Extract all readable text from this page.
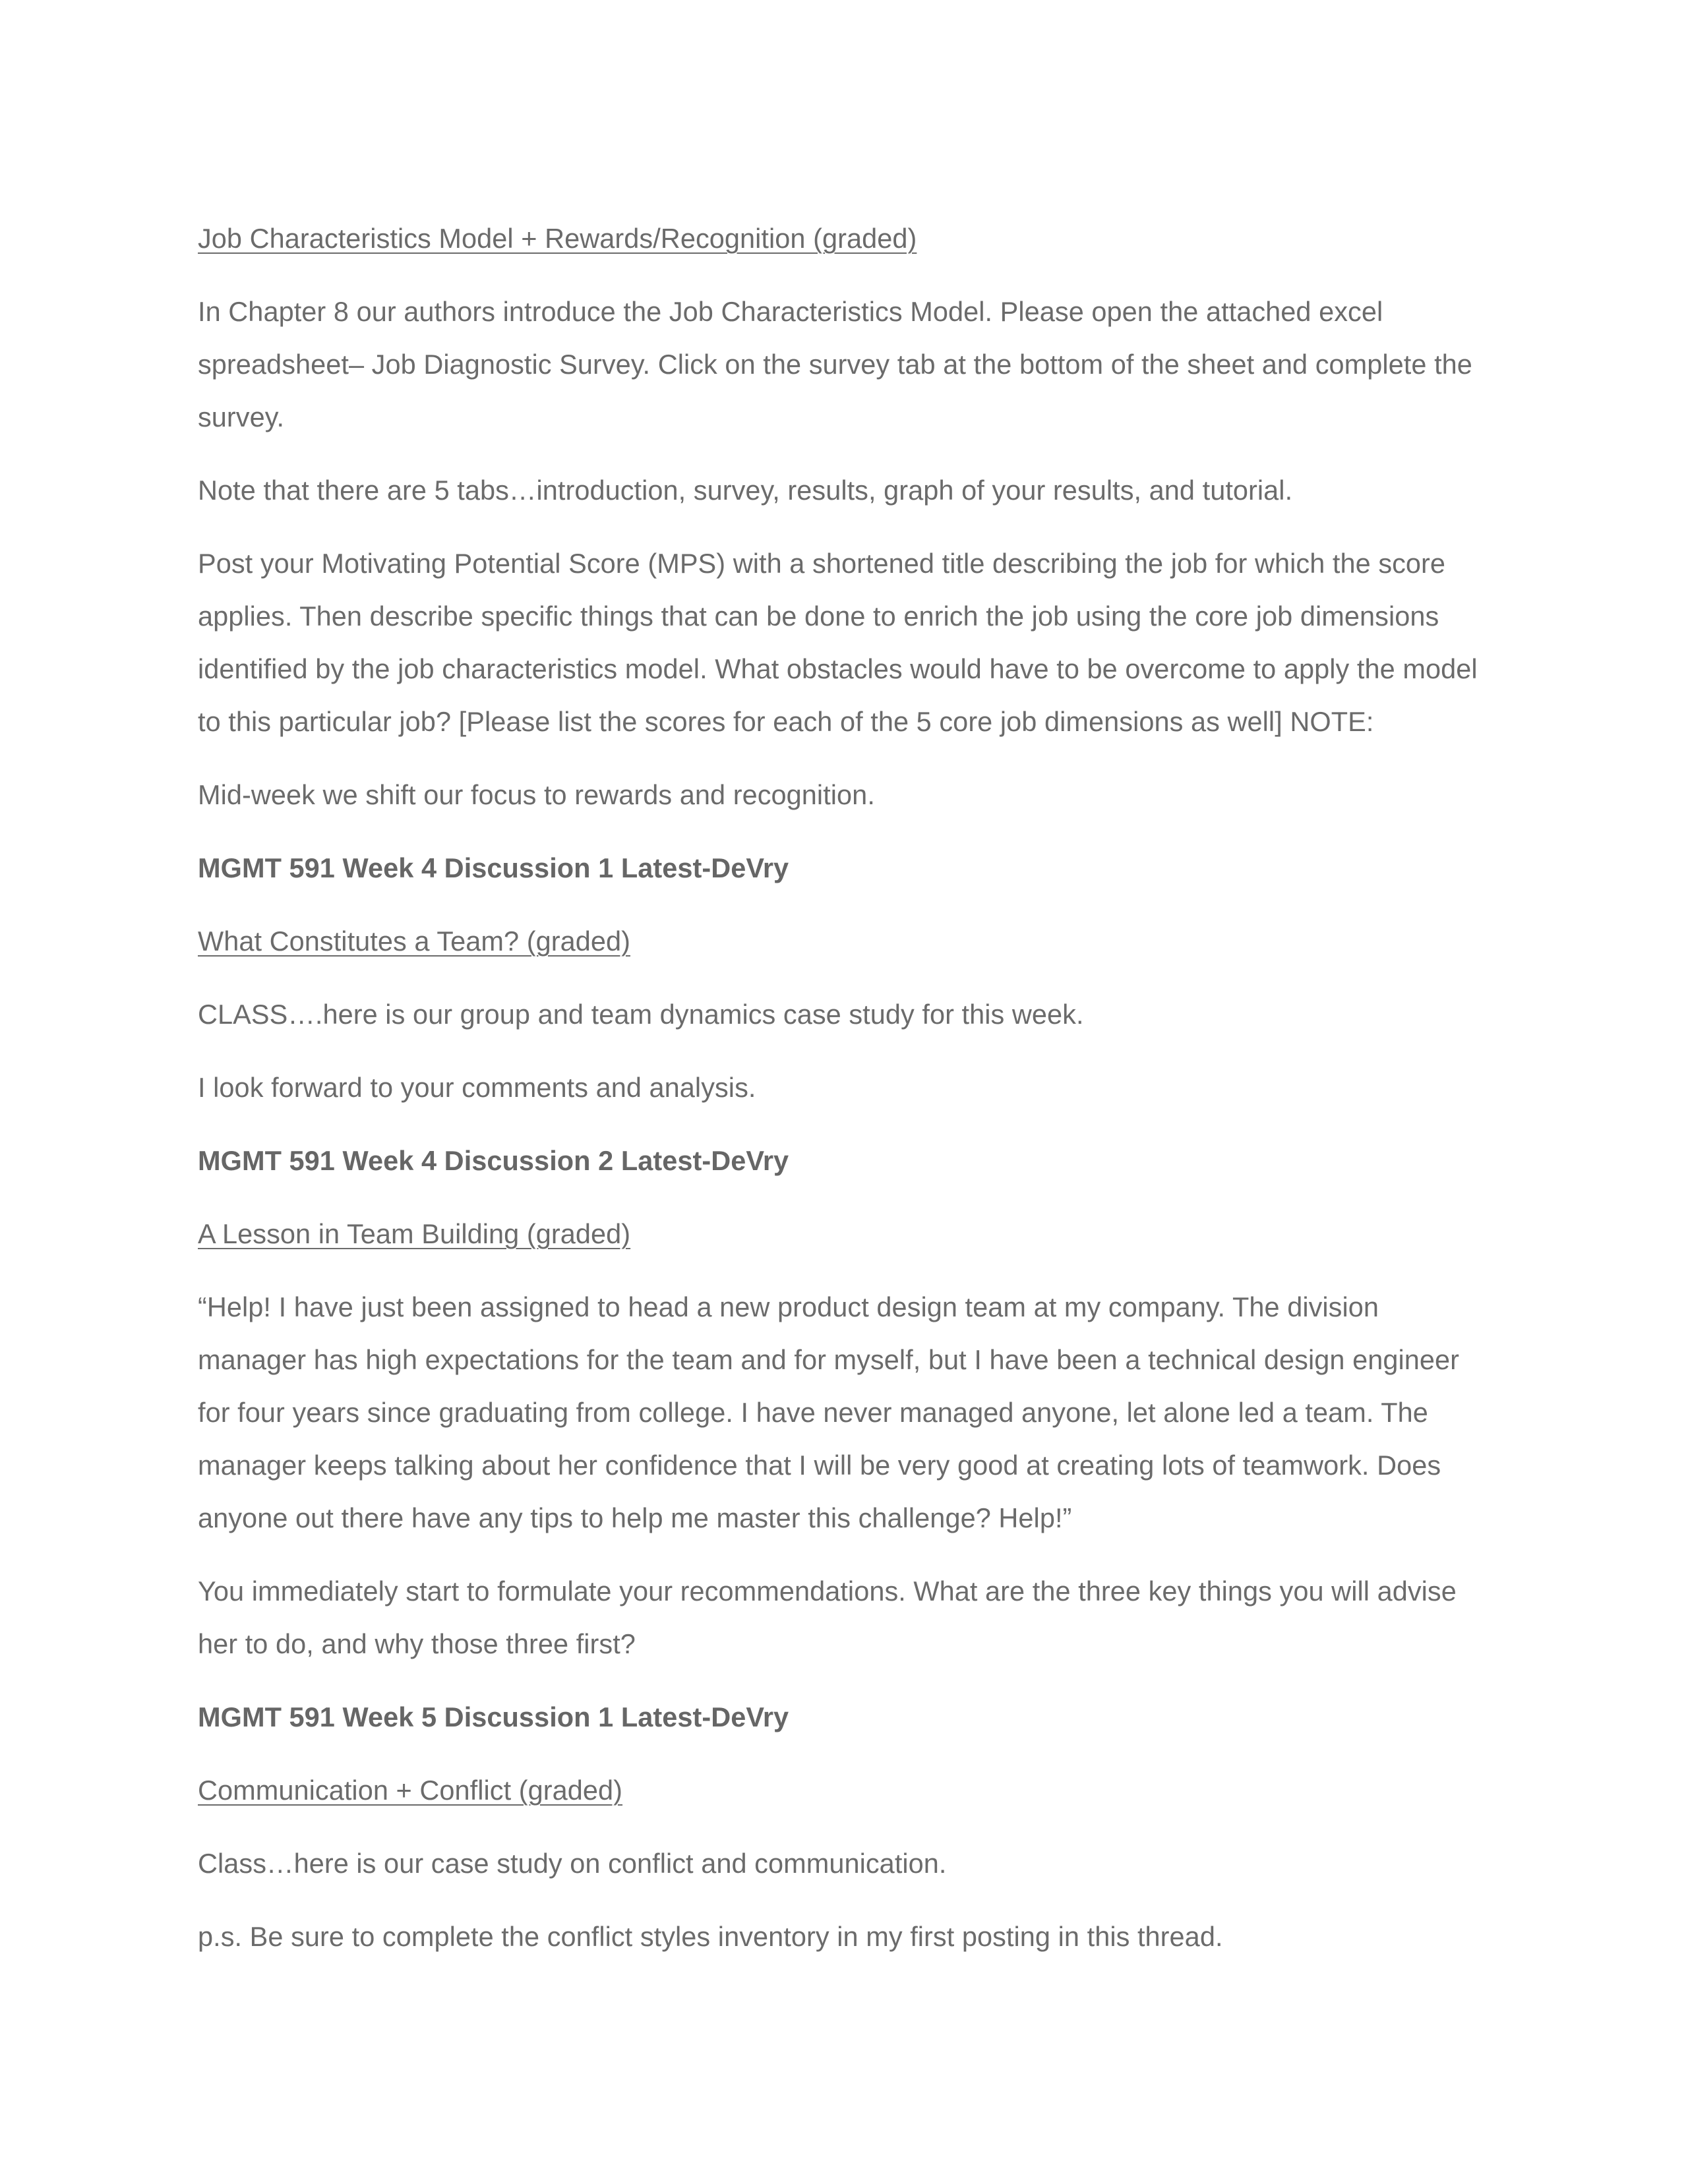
Job Characteristics Model + Rewards/Recognition (graded)

In Chapter 8 our authors introduce the Job Characteristics Model. Please open the attached excel spreadsheet– Job Diagnostic Survey. Click on the survey tab at the bottom of the sheet and complete the survey.

Note that there are 5 tabs…introduction, survey, results, graph of your results, and tutorial.

Post your Motivating Potential Score (MPS) with a shortened title describing the job for which the score applies. Then describe specific things that can be done to enrich the job using the core job dimensions identified by the job characteristics model. What obstacles would have to be overcome to apply the model to this particular job? [Please list the scores for each of the 5 core job dimensions as well] NOTE:

Mid-week we shift our focus to rewards and recognition.

MGMT 591 Week 4 Discussion 1 Latest-DeVry

What Constitutes a Team? (graded)

CLASS….here is our group and team dynamics case study for this week.

I look forward to your comments and analysis.

MGMT 591 Week 4 Discussion 2 Latest-DeVry

A Lesson in Team Building (graded)

“Help! I have just been assigned to head a new product design team at my company. The division manager has high expectations for the team and for myself, but I have been a technical design engineer for four years since graduating from college. I have never managed anyone, let alone led a team. The manager keeps talking about her confidence that I will be very good at creating lots of teamwork. Does anyone out there have any tips to help me master this challenge? Help!”

You immediately start to formulate your recommendations. What are the three key things you will advise her to do, and why those three first?

MGMT 591 Week 5 Discussion 1 Latest-DeVry

Communication + Conflict (graded)

Class…here is our case study on conflict and communication.

p.s. Be sure to complete the conflict styles inventory in my first posting in this thread.
